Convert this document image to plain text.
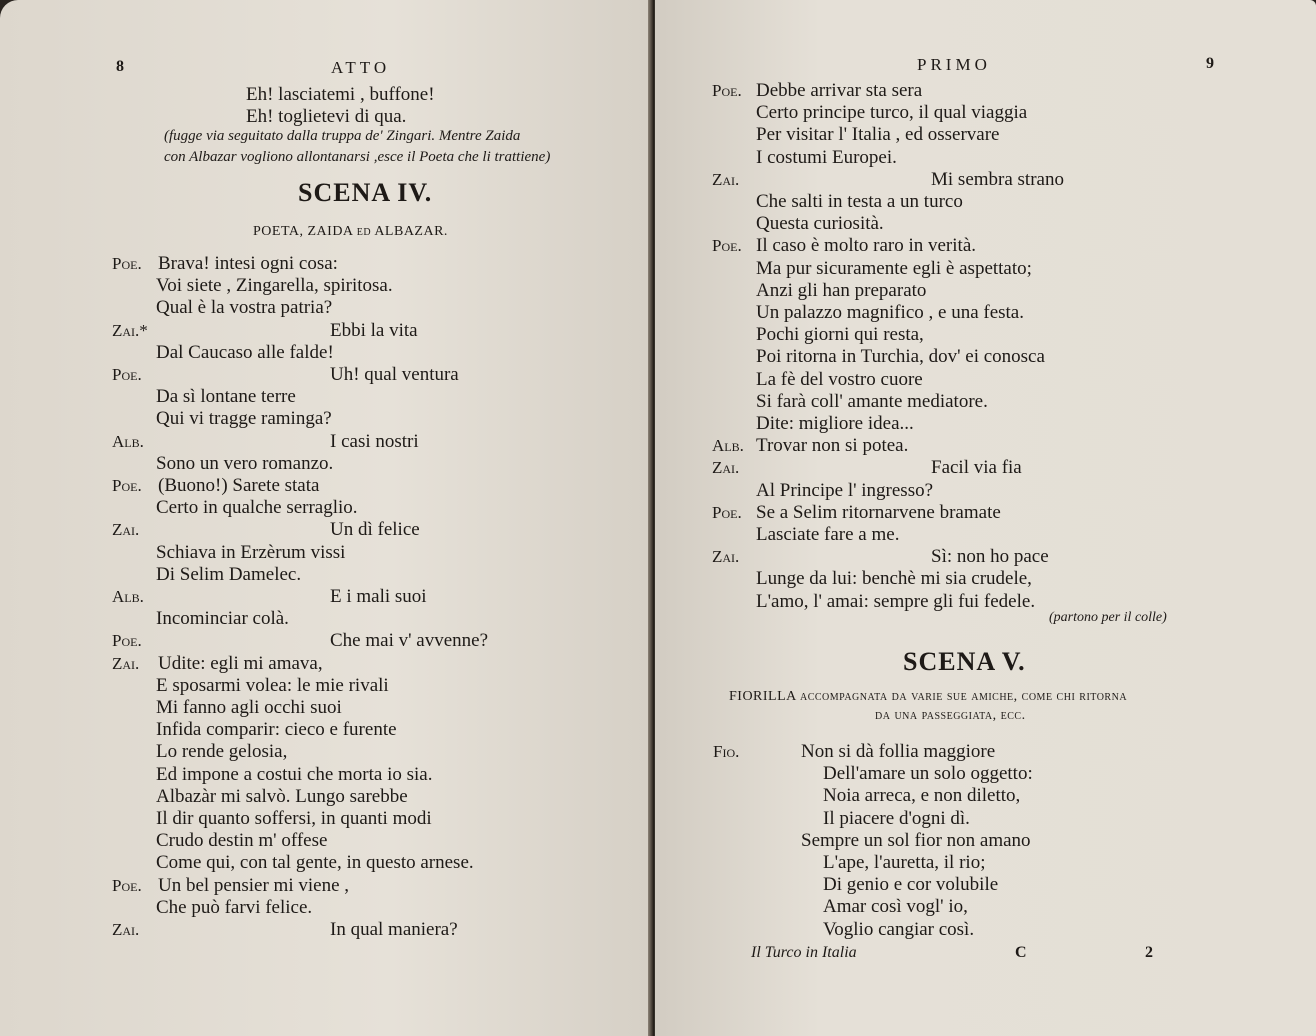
8	ATTO
Eh! lasciatemi , buffone!
Eh! toglietevi di qua.
(fugge via seguitato dalla truppa de' Zingari. Mentre Zaida
con Albazar vogliono allontanarsi ,esce il Poeta che li trattiene)
SCENA IV.
POETA, ZAIDA ed ALBAZAR.
Poe. Brava! intesi ogni cosa:
Voi siete , Zingarella, spiritosa.
Qual è la vostra patria?
Zai.*	Ebbi la vita
Dal Caucaso alle falde!
Poe.	Uh! qual ventura
Da sì lontane terre
Qui vi tragge raminga?
Alb.	I casi nostri
Sono un vero romanzo.
Poe. (Buono!) Sarete stata
Certo in qualche serraglio.
Zai.	Un dì felice
Schiava in Erzèrum vissi
Di Selim Damelec.
Alb.	E i mali suoi
Incominciar colà.
Poe.	Che mai v' avvenne?
Zai. Udite: egli mi amava,
E sposarmi volea: le mie rivali
Mi fanno agli occhi suoi
Infida comparir: cieco e furente
Lo rende gelosia,
Ed impone a costui che morta io sia.
Albazàr mi salvò. Lungo sarebbe
Il dir quanto soffersi, in quanti modi
Crudo destin m' offese
Come qui, con tal gente, in questo arnese.
Poe. Un bel pensier mi viene ,
Che può farvi felice.
Zai.	In qual maniera?
PRIMO	9
Poe. Debbe arrivar sta sera
Certo principe turco, il qual viaggia
Per visitar l' Italia , ed osservare
I costumi Europei.
Zai.	Mi sembra strano
Che salti in testa a un turco
Questa curiosità.
Poe. Il caso è molto raro in verità.
Ma pur sicuramente egli è aspettato;
Anzi gli han preparato
Un palazzo magnifico , e una festa.
Pochi giorni qui resta,
Poi ritorna in Turchia, dov' ei conosca
La fè del vostro cuore
Si farà coll' amante mediatore.
Dite: migliore idea...
Alb. Trovar non si potea.
Zai.	Facil via fia
Al Principe l' ingresso?
Poe. Se a Selim ritornarvene bramate
Lasciate fare a me.
Zai.	Sì: non ho pace
Lunge da lui: benchè mi sia crudele,
L'amo, l' amai: sempre gli fui fedele.
(partono per il colle)
SCENA V.
FIORILLA accompagnata da varie sue amiche, come chi ritorna
da una passeggiata, ecc.
Fio.	Non si dà follia maggiore
Dell'amare un solo oggetto:
Noia arreca, e non diletto,
Il piacere d'ogni dì.
Sempre un sol fior non amano
L'ape, l'auretta, il rio;
Di genio e cor volubile
Amar così vogl' io,
Voglio cangiar così.
Il Turco in Italia	C	2
